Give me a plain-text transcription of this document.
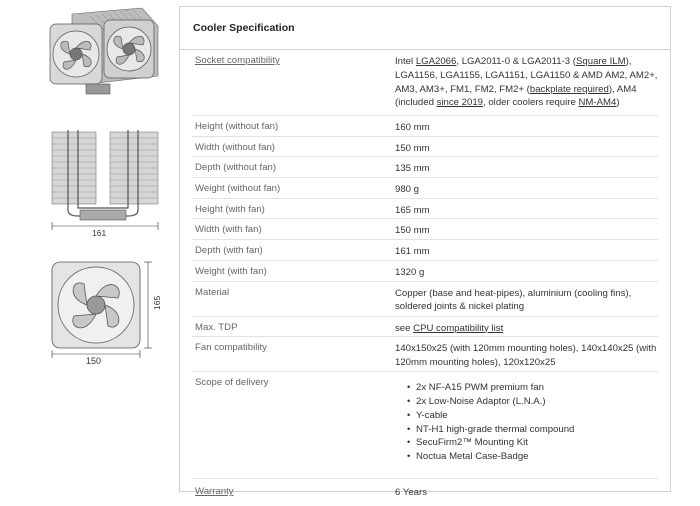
161
165
150
Cooler Specification
Socket compatibility	Intel LGA2066, LGA2011-0 & LGA2011-3 (Square ILM),
LGA1156, LGA1155, LGA1151, LGA1150 & AMD AM2, AM2+,
AM3, AM3+, FM1, FM2, FM2+ (backplate required), AM4
(included since 2019, older coolers require NM-AM4)
Height (without fan)	160 mm
Width (without fan)	150 mm
Depth (without fan)	135 mm
Weight (without fan)	980 g
Height (with fan)	165 mm
Width (with fan)	150 mm
Depth (with fan)	161 mm
Weight (with fan)	1320 g
Material	Copper (base and heat-pipes), aluminium (cooling fins),
soldered joints & nickel plating
Max. TDP	see CPU compatibility list
Fan compatibility	140x150x25 (with 120mm mounting holes), 140x140x25 (with
120mm mounting holes), 120x120x25
Scope of delivery
•	2x NF-A15 PWM premium fan
• 2x Low-Noise Adaptor (L.N.A.)
• Y-cable
• NT-H1 high-grade thermal compound
• SecuFirm2™ Mounting Kit
• Noctua Metal Case-Badge
Warranty	6 Years
